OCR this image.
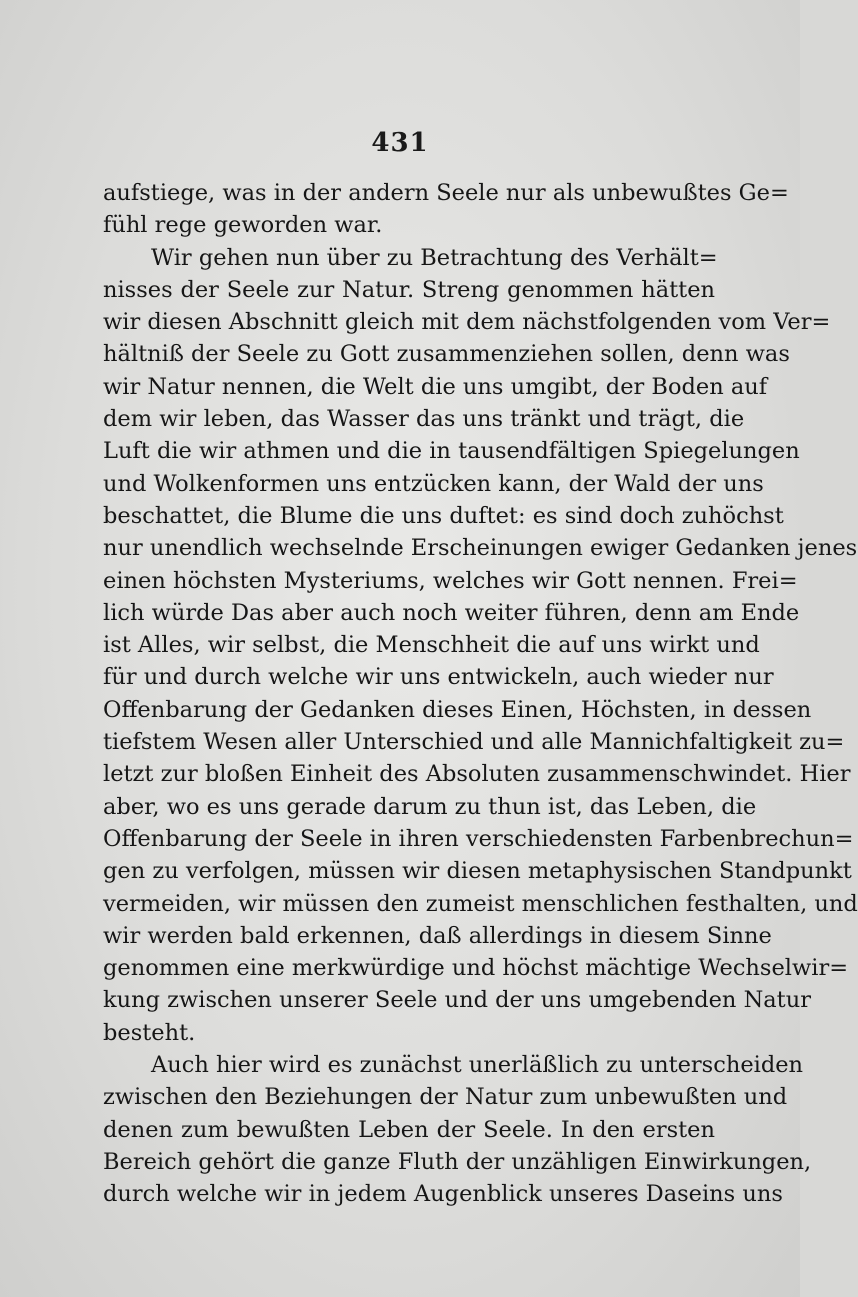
431
aufstiege, was in der andern Seele nur als unbewußtes Ge=
fühl rege geworden war.
Wir gehen nun über zu Betrachtung des Verhält=
nisses der Seele zur Natur. Streng genommen hätten
wir diesen Abschnitt gleich mit dem nächstfolgenden vom Ver=
hältniß der Seele zu Gott zusammenziehen sollen, denn was
wir Natur nennen, die Welt die uns umgibt, der Boden auf
dem wir leben, das Wasser das uns tränkt und trägt, die
Luft die wir athmen und die in tausendfältigen Spiegelungen
und Wolkenformen uns entzücken kann, der Wald der uns
beschattet, die Blume die uns duftet: es sind doch zuhöchst
nur unendlich wechselnde Erscheinungen ewiger Gedanken jenes
einen höchsten Mysteriums, welches wir Gott nennen. Frei=
lich würde Das aber auch noch weiter führen, denn am Ende
ist Alles, wir selbst, die Menschheit die auf uns wirkt und
für und durch welche wir uns entwickeln, auch wieder nur
Offenbarung der Gedanken dieses Einen, Höchsten, in dessen
tiefstem Wesen aller Unterschied und alle Mannichfaltigkeit zu=
letzt zur bloßen Einheit des Absoluten zusammenschwindet. Hier
aber, wo es uns gerade darum zu thun ist, das Leben, die
Offenbarung der Seele in ihren verschiedensten Farbenbrechun=
gen zu verfolgen, müssen wir diesen metaphysischen Standpunkt
vermeiden, wir müssen den zumeist menschlichen festhalten, und
wir werden bald erkennen, daß allerdings in diesem Sinne
genommen eine merkwürdige und höchst mächtige Wechselwir=
kung zwischen unserer Seele und der uns umgebenden Natur
besteht.
Auch hier wird es zunächst unerläßlich zu unterscheiden
zwischen den Beziehungen der Natur zum unbewußten und
denen zum bewußten Leben der Seele. In den ersten
Bereich gehört die ganze Fluth der unzähligen Einwirkungen,
durch welche wir in jedem Augenblick unseres Daseins uns
